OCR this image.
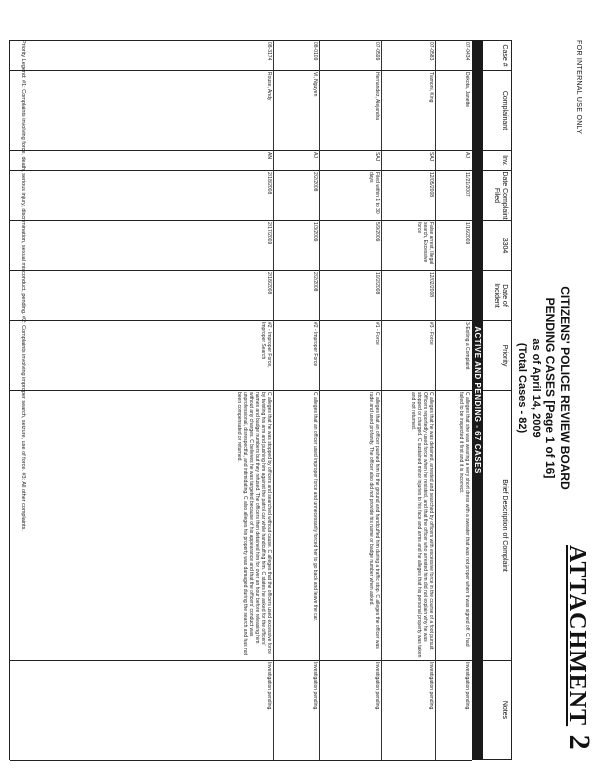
FOR INTERNAL USE ONLY
ATTACHMENT 2
CITIZENS' POLICE REVIEW BOARD
PENDING CASES [Page 1 of 16]
as of April 14, 2009
(Total Cases - 82)
Case #
Complainant
Inv.
Date Complaint Filed
3304
Date of Incident
Priority
Brief Description of Complaint
Notes
ACTIVE AND PENDING - 67 CASES
07-0434
Dekota, Janette
AJ
11/21/2007
1/16/2009
3-Exiting a Complaint
C alleges that she was wearing a very short dress with a sweater that was not proper when it was signed off. C had failed to be inspected it first and it is incorrect.
Investigation pending.
07-0583
Tiamoni, King
SAJ
12/05/2008
False arrest, Illegal search, Excessive force
12/02/2008
#3 - Force
C alleges that he was detained, arrested and searched by officers with excessive force in the course of a foot pursuit. Officers reportedly used force when he resisted, and that the officer who arrested him did not explain why he was stopped or charged. C sustained minor injuries to his face and arms and he alleges that his personal property was taken and not returned.
Investigation pending.
07-0599
Hernandez, Alejandra
SAJ
Filed within 1 to 30 days
5/9/2009
10/2/2008
#1 - Force
C alleges that an officer pushed him to the ground and handcuffed him during a traffic stop. C alleges the officer was rude and used profanity. The officer also did not provide his name or badge number when asked.
Investigation pending.
08-0109
Vi, Nguyen
AJ
2/2/2008
1/3/2009
2/2/2008
#2 - Improper Force
C alleges that an officer used improper force and unnecessarily forced her to go back and leave the car.
Investigation pending.
08-3174
Rouse, Andy
AN
2/18/2008
2/17/2009
2/18/2008
#2 - Improper Force, Improper Search
C alleges that he was stopped by officers and searched without cause. C alleges that the officers used excessive force by twisting his arm and pushing him against the patrol car while handcuffing him. C states he asked for the officers' names and badge numbers but they refused. The officers then detained him for over an hour before releasing him without any charges. C believes he was targeted because of his appearance and that the officers' conduct was unprofessional, disrespectful, and intimidating. C also alleges his property was damaged during the search and has not been compensated or returned.
Investigation pending.
Priority Legend: #1: Complaints involving force, death, serious injury, discrimination, sexual misconduct, pending. #2: Complaints involving improper search, seizure, use of force. #3: All other complaints.
